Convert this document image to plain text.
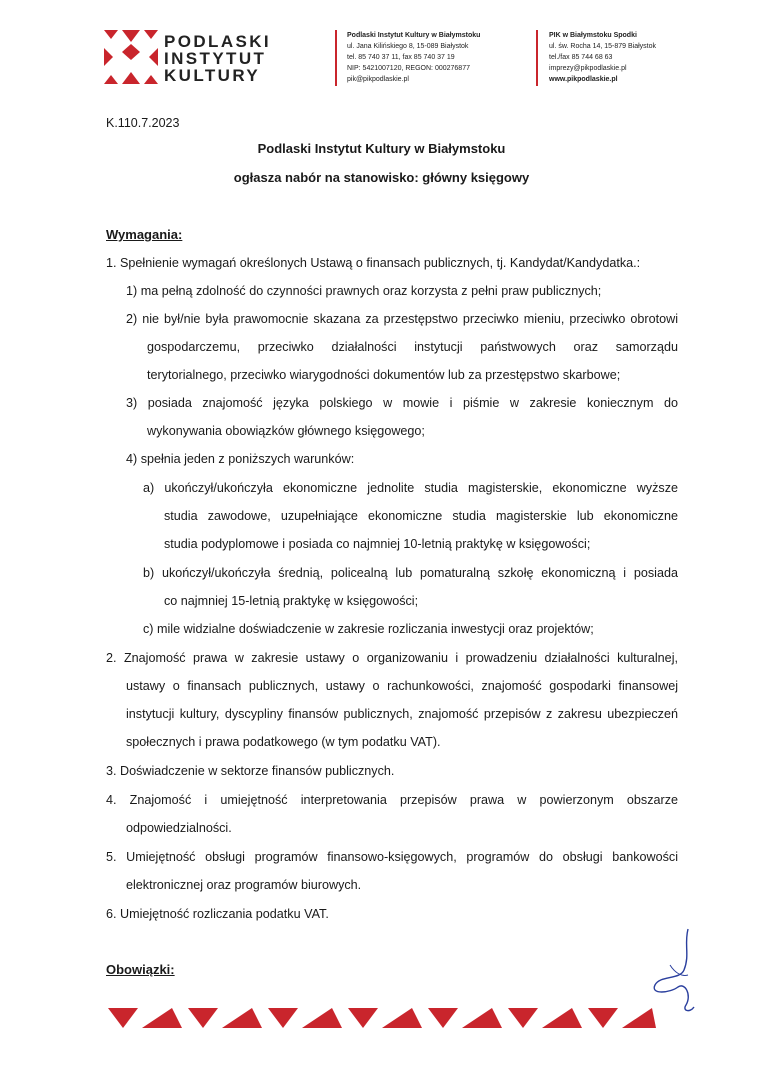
PODLASKI
INSTYTUT
KULTURY
Podlaski Instytut Kultury w Białymstoku
ul. Jana Kilińskiego 8, 15-089 Białystok
tel. 85 740 37 11, fax 85 740 37 19
NIP: 5421007120, REGON: 000276877
pik@pikpodlaskie.pl
PIK w Białymstoku Spodki
ul. św. Rocha 14, 15-879 Białystok
tel./fax 85 744 68 63
imprezy@pikpodlaskie.pl
www.pikpodlaskie.pl
K.110.7.2023
Podlaski Instytut Kultury w Białymstoku
ogłasza nabór na stanowisko: główny księgowy
Wymagania:
1. Spełnienie wymagań określonych Ustawą o finansach publicznych, tj. Kandydat/Kandydatka.:
1) ma pełną zdolność do czynności prawnych oraz korzysta z pełni praw publicznych;
2) nie był/nie była prawomocnie skazana za przestępstwo przeciwko mieniu, przeciwko obrotowi
gospodarczemu, przeciwko działalności instytucji państwowych oraz samorządu
terytorialnego, przeciwko wiarygodności dokumentów lub za przestępstwo skarbowe;
3) posiada znajomość języka polskiego w mowie i piśmie w zakresie koniecznym do
wykonywania obowiązków głównego księgowego;
4) spełnia jeden z poniższych warunków:
a) ukończył/ukończyła ekonomiczne jednolite studia magisterskie, ekonomiczne wyższe
studia zawodowe, uzupełniające ekonomiczne studia magisterskie lub ekonomiczne
studia podyplomowe i posiada co najmniej 10-letnią praktykę w księgowości;
b) ukończył/ukończyła średnią, policealną lub pomaturalną szkołę ekonomiczną i posiada
co najmniej 15-letnią praktykę w księgowości;
c) mile widzialne doświadczenie w zakresie rozliczania inwestycji oraz projektów;
2. Znajomość prawa w zakresie ustawy o organizowaniu i prowadzeniu działalności kulturalnej,
ustawy o finansach publicznych, ustawy o rachunkowości, znajomość gospodarki finansowej
instytucji kultury, dyscypliny finansów publicznych, znajomość przepisów z zakresu ubezpieczeń
społecznych i prawa podatkowego (w tym podatku VAT).
3. Doświadczenie w sektorze finansów publicznych.
4. Znajomość i umiejętność interpretowania przepisów prawa w powierzonym obszarze
odpowiedzialności.
5. Umiejętność obsługi programów finansowo-księgowych, programów do obsługi bankowości
elektronicznej oraz programów biurowych.
6. Umiejętność rozliczania podatku VAT.
Obowiązki:
